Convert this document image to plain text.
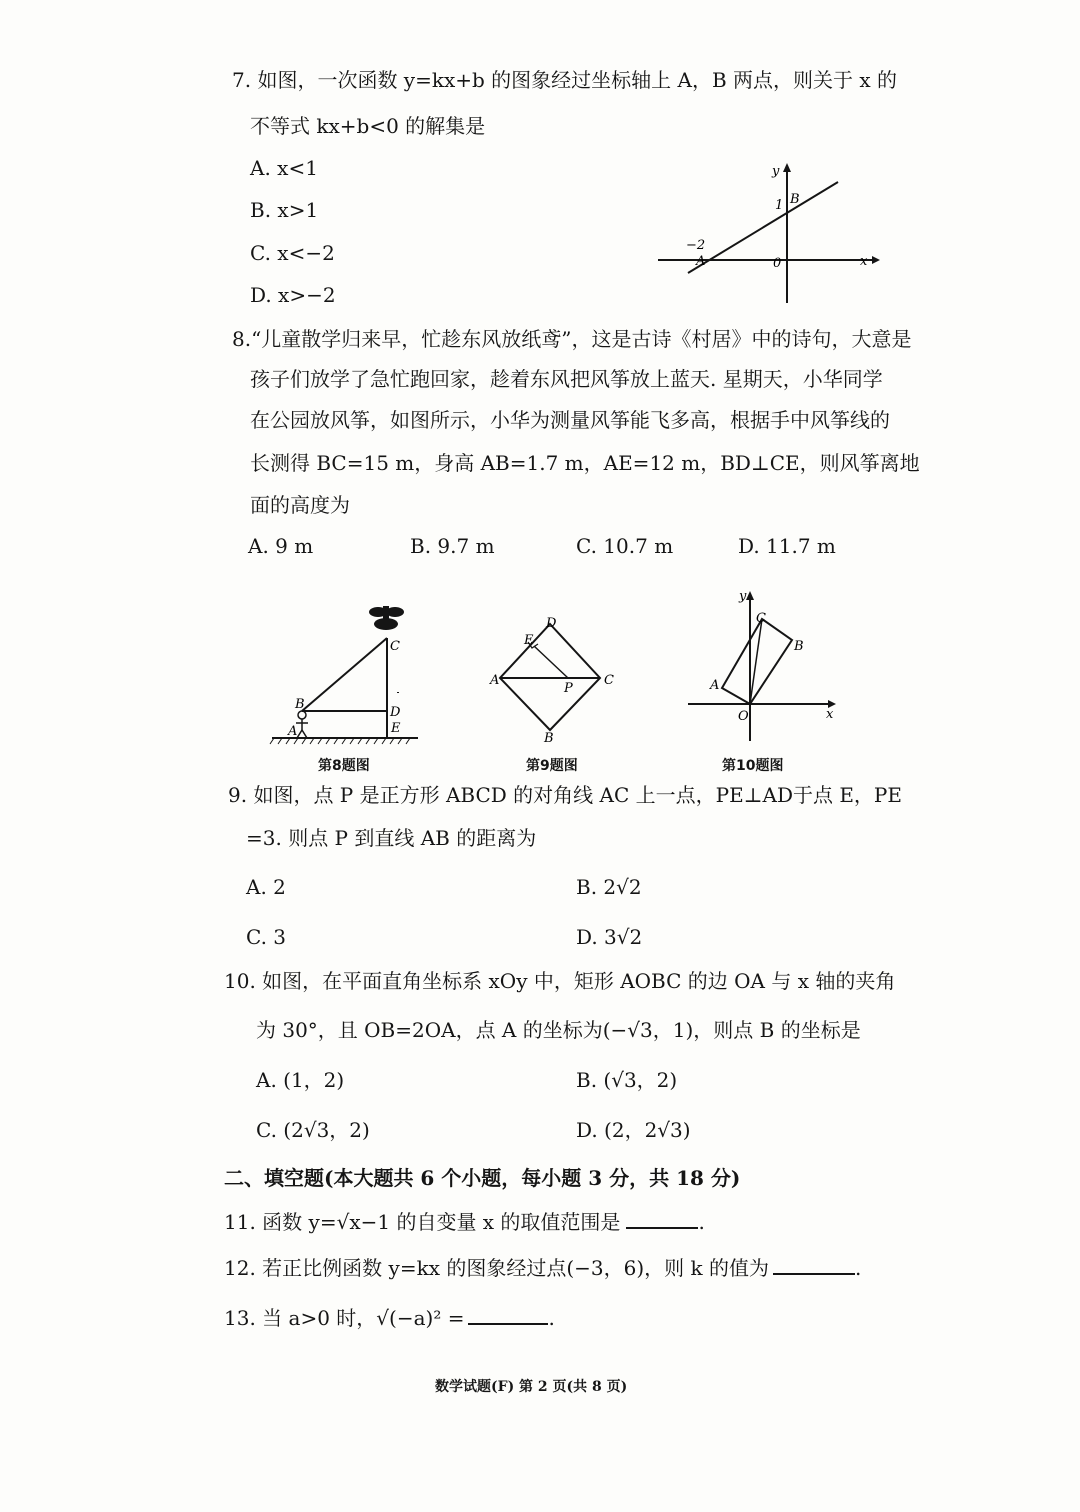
7. 如图，一次函数 y=kx+b 的图象经过坐标轴上 A，B 两点，则关于 x 的
不等式 kx+b<0 的解集是
A. x<1
B. x>1
C. x<−2
D. x>−2
y
x
B
A	0
1
−2
8.“儿童散学归来早，忙趁东风放纸鸢”，这是古诗《村居》中的诗句，大意是
孩子们放学了急忙跑回家，趁着东风把风筝放上蓝天. 星期天，小华同学
在公园放风筝，如图所示，小华为测量风筝能飞多高，根据手中风筝线的
长测得 BC=15 m，身高 AB=1.7 m，AE=12 m，BD⊥CE，则风筝离地
面的高度为
A. 9 m	B. 9.7 m	C. 10.7 m	D. 11.7 m
C
B
D
A	E
第8题图
D
E
A
P
C
B
第9题图
y
C
B
A
O	x
第10题图
9. 如图，点 P 是正方形 ABCD 的对角线 AC 上一点，PE⊥AD于点 E，PE
=3. 则点 P 到直线 AB 的距离为
A. 2	B. 2√2
C. 3	D. 3√2
10. 如图，在平面直角坐标系 xOy 中，矩形 AOBC 的边 OA 与 x 轴的夹角
为 30°，且 OB=2OA，点 A 的坐标为(−√3，1)，则点 B 的坐标是
A. (1，2)	B. (√3，2)
C. (2√3，2)	D. (2，2√3)
二、填空题(本大题共 6 个小题，每小题 3 分，共 18 分)
11. 函数 y=√x−1 的自变量 x 的取值范围是	.
12. 若正比例函数 y=kx 的图象经过点(−3，6)，则 k 的值为	.
13. 当 a>0 时，√(−a)² =	.
数学试题(F) 第 2 页(共 8 页)
